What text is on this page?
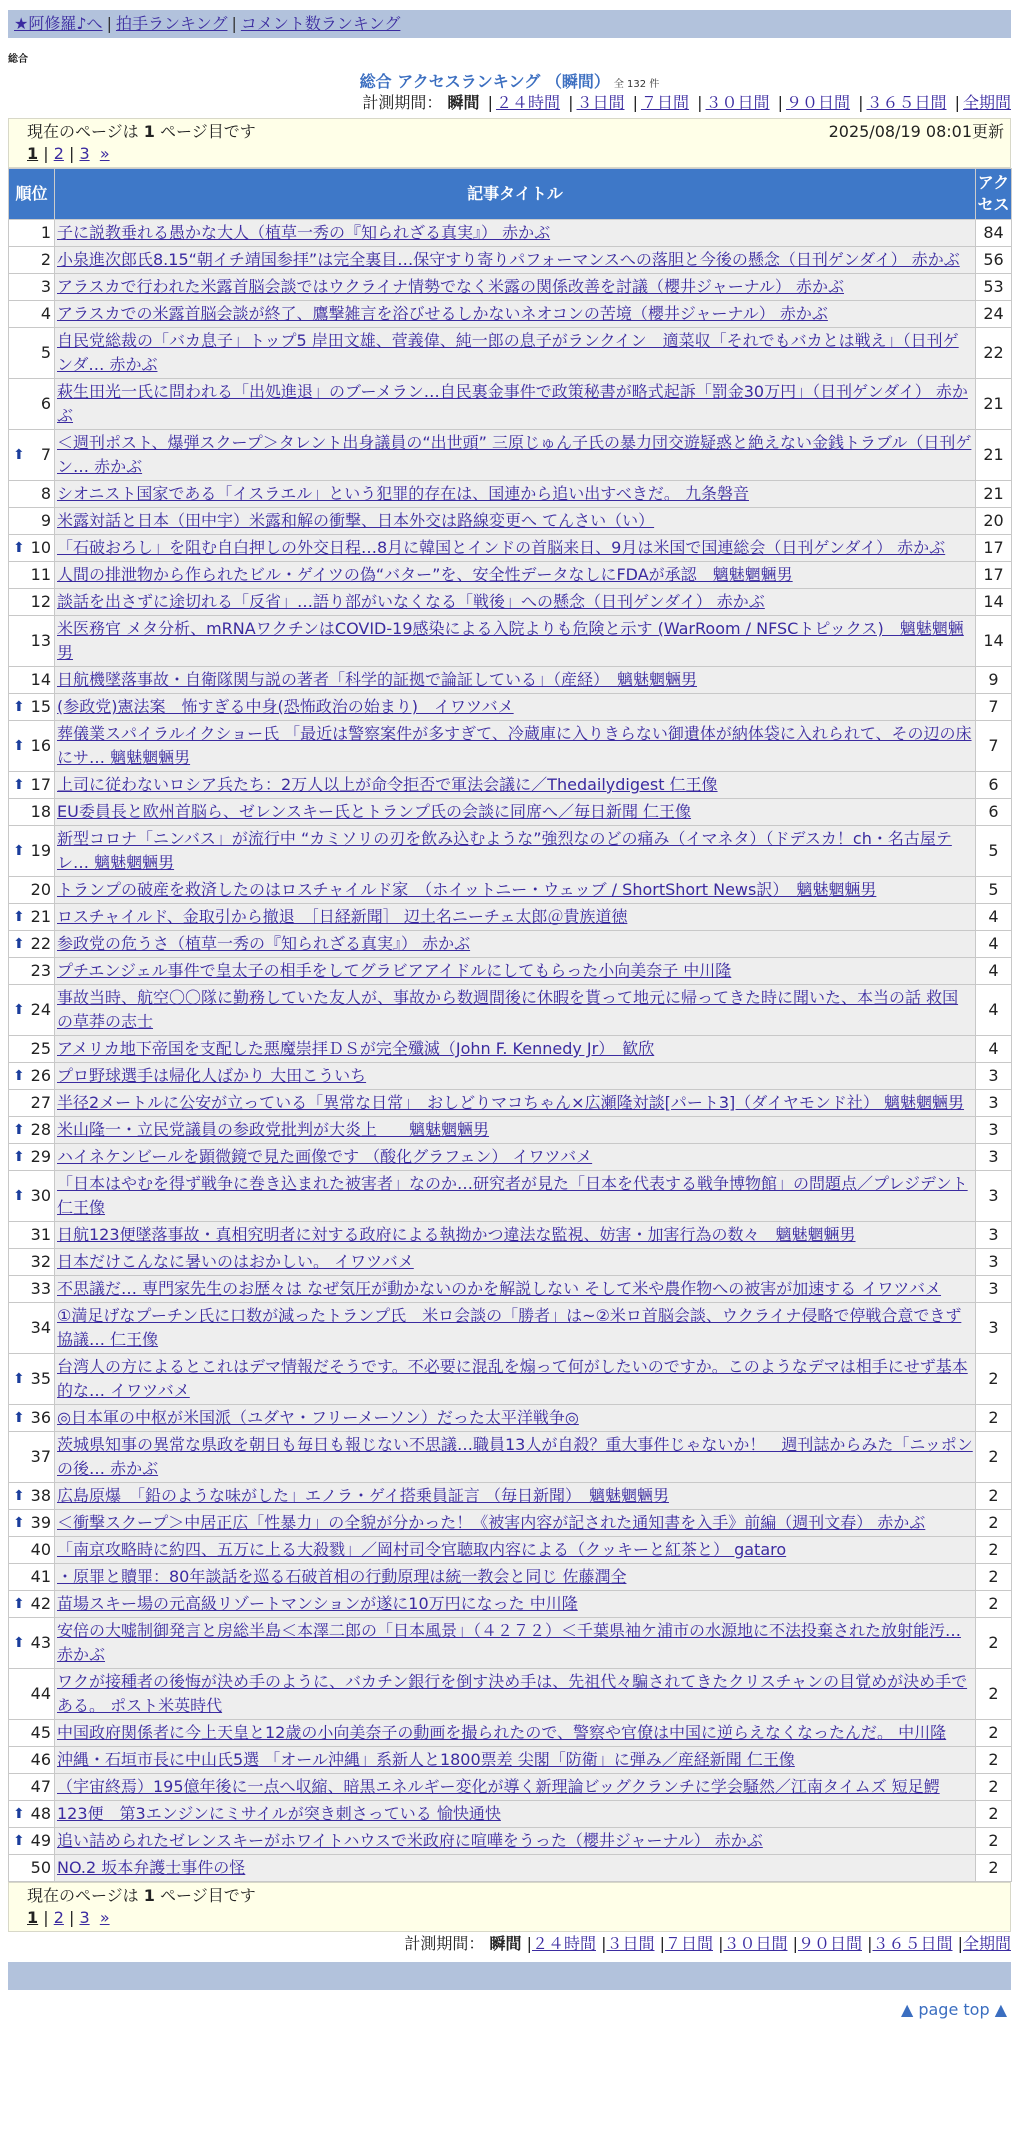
★阿修羅♪へ | 拍手ランキング | コメント数ランキング
総合
総合 アクセスランキング （瞬間） 全 132 件
計測期間： 瞬間 | ２４時間 | ３日間 | ７日間 | ３０日間 | ９０日間 | ３６５日間 | 全期間
現在のページは 1 ページ目です	2025/08/19 08:01更新
1 | 2 | 3 »
順位	記事タイトル	アクセス
1	子に説教垂れる愚かな大人（植草一秀の『知られざる真実』） 赤かぶ	84
2	小泉進次郎氏8.15“朝イチ靖国参拝”は完全裏目…保守すり寄りパフォーマンスへの落胆と今後の懸念（日刊ゲンダイ） 赤かぶ	56
3	アラスカで行われた米露首脳会談ではウクライナ情勢でなく米露の関係改善を討議（櫻井ジャーナル） 赤かぶ	53
4	アラスカでの米露首脳会談が終了、鷹撃雑言を浴びせるしかないネオコンの苦境（櫻井ジャーナル） 赤かぶ	24
5	自民党総裁の「バカ息子」トップ5 岸田文雄、菅義偉、純一郎の息子がランクイン　適菜収「それでもバカとは戦え」（日刊ゲンダ… 赤かぶ	22
6	萩生田光一氏に問われる「出処進退」のブーメラン…自民裏金事件で政策秘書が略式起訴「罰金30万円」（日刊ゲンダイ） 赤かぶ	21

⬆ 7	＜週刊ポスト、爆弾スクープ＞タレント出身議員の“出世頭” 三原じゅん子氏の暴力団交遊疑惑と絶えない金銭トラブル（日刊ゲン… 赤かぶ	21
8	シオニスト国家である「イスラエル」という犯罪的存在は、国連から追い出すべきだ。 九条磐音	21
9	米露対話と日本（田中宇）米露和解の衝撃、日本外交は路線変更へ てんさい（い）	20

⬆ 10	「石破おろし」を阻む自白押しの外交日程…8月に韓国とインドの首脳来日、9月は米国で国連総会（日刊ゲンダイ） 赤かぶ	17
11	人間の排泄物から作られたビル・ゲイツの偽“バター”を、安全性データなしにFDAが承認　魑魅魍魎男	17
12	談話を出さずに途切れる「反省」…語り部がいなくなる「戦後」への懸念（日刊ゲンダイ） 赤かぶ	14
13	米医務官 メタ分析、mRNAワクチンはCOVID-19感染による入院よりも危険と示す (WarRoom / NFSCトピックス)　魑魅魍魎男	14
14	日航機墜落事故・自衛隊関与説の著者「科学的証拠で論証している」（産経）　魑魅魍魎男	9

⬆ 15	(参政党)憲法案　怖すぎる中身(恐怖政治の始まり)　イワツバメ	7

⬆ 16	葬儀業スパイラルイクショー氏 「最近は警察案件が多すぎて、冷蔵庫に入りきらない御遺体が納体袋に入れられて、その辺の床にサ… 魑魅魍魎男	7

⬆ 17	上司に従わないロシア兵たち：2万人以上が命令拒否で軍法会議に／Thedailydigest 仁王像	6
18	EU委員長と欧州首脳ら、ゼレンスキー氏とトランプ氏の会談に同席へ／毎日新聞 仁王像	6

⬆ 19	新型コロナ「ニンバス」が流行中 “カミソリの刃を飲み込むような”強烈なのどの痛み（イマネタ）（ドデスカ！ch・名古屋テレ… 魑魅魍魎男	5
20	トランプの破産を救済したのはロスチャイルド家　（ホイットニー・ウェッブ / ShortShort News訳）　魑魅魍魎男	5

⬆ 21	ロスチャイルド、金取引から撤退　［日経新聞］ 辺土名ニーチェ太郎＠貴族道徳	4

⬆ 22	参政党の危うさ（植草一秀の『知られざる真実』） 赤かぶ	4
23	プチエンジェル事件で皇太子の相手をしてグラビアアイドルにしてもらった小向美奈子 中川隆	4

⬆ 24	事故当時、航空〇〇隊に勤務していた友人が、事故から数週間後に休暇を貰って地元に帰ってきた時に聞いた、本当の話 救国の草莽の志士	4
25	アメリカ地下帝国を支配した悪魔崇拝ＤＳが完全殲滅（John F. Kennedy Jr）　歓欣	4

⬆ 26	プロ野球選手は帰化人ばかり 大田こういち	3
27	半径2メートルに公安が立っている「異常な日常」　おしどりマコちゃん×広瀬隆対談[パート3]（ダイヤモンド社） 魑魅魍魎男	3

⬆ 28	米山隆一・立民党議員の参政党批判が大炎上　　魑魅魍魎男	3

⬆ 29	ハイネケンビールを顕微鏡で見た画像です （酸化グラフェン） イワツバメ	3

⬆ 30	「日本はやむを得ず戦争に巻き込まれた被害者」なのか…研究者が見た「日本を代表する戦争博物館」の問題点／プレジデント 仁王像	3
31	日航123便墜落事故・真相究明者に対する政府による執拗かつ違法な監視、妨害・加害行為の数々　魑魅魍魎男	3
32	日本だけこんなに暑いのはおかしい。 イワツバメ	3
33	不思議だ… 専門家先生のお歴々は なぜ気圧が動かないのかを解説しない そして米や農作物への被害が加速する イワツバメ	3
34	①満足げなプーチン氏に口数が減ったトランプ氏　米ロ会談の「勝者」は~②米ロ首脳会談、ウクライナ侵略で停戦合意できず協議… 仁王像	3

⬆ 35	台湾人の方によるとこれはデマ情報だそうです。不必要に混乱を煽って何がしたいのですか。このようなデマは相手にせず基本的な… イワツバメ	2

⬆ 36	◎日本軍の中枢が米国派（ユダヤ・フリーメーソン）だった太平洋戦争◎	2
37	茨城県知事の異常な県政を朝日も毎日も報じない不思議…職員13人が自殺？重大事件じゃないか！　週刊誌からみた「ニッポンの後… 赤かぶ	2

⬆ 38	広島原爆　「鉛のような味がした」エノラ・ゲイ搭乗員証言 （毎日新聞）　魑魅魍魎男	2

⬆ 39	＜衝撃スクープ＞中居正広「性暴力」の全貌が分かった！《被害内容が記された通知書を入手》前編（週刊文春） 赤かぶ	2
40	「南京攻略時に約四、五万に上る大殺戮」／岡村司令官聴取内容による（クッキーと紅茶と） gataro	2
41	・原罪と贖罪：80年談話を巡る石破首相の行動原理は統一教会と同じ 佐藤潤全	2

⬆ 42	苗場スキー場の元高級リゾートマンションが遂に10万円になった 中川隆	2

⬆ 43	安倍の大嘘制御発言と房総半島＜本澤二郎の「日本風景」（４２７２）＜千葉県袖ケ浦市の水源地に不法投棄された放射能汚… 赤かぶ	2
44	ワクが接種者の後悔が決め手のように、バカチン銀行を倒す決め手は、先祖代々騙されてきたクリスチャンの目覚めが決め手である。 ポスト米英時代	2
45	中国政府関係者に今上天皇と12歳の小向美奈子の動画を撮られたので、警察や官僚は中国に逆らえなくなったんだ。 中川隆	2
46	沖縄・石垣市長に中山氏5選 「オール沖縄」系新人と1800票差 尖閣「防衛」に弾み／産経新聞 仁王像	2
47	（宇宙終焉）195億年後に一点へ収縮、暗黒エネルギー変化が導く新理論ビッグクランチに学会騒然／江南タイムズ 短足鰐	2

⬆ 48	123便　第3エンジンにミサイルが突き刺さっている 愉快通快	2

⬆ 49	追い詰められたゼレンスキーがホワイトハウスで米政府に喧嘩をうった（櫻井ジャーナル） 赤かぶ	2
50	NO.2 坂本弁護士事件の怪	2
現在のページは 1 ページ目です
1 | 2 | 3 »
計測期間： 瞬間 |２４時間 |３日間 |７日間 |３０日間 |９０日間 |３６５日間 |全期間
▲ page top ▲
